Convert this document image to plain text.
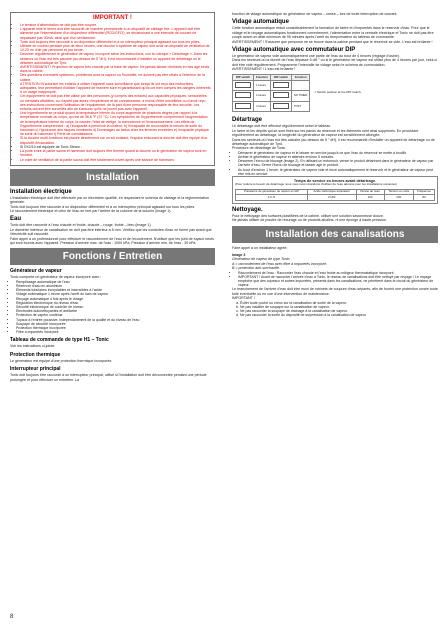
IMPORTANT !
• Le tension d'alimentation ne doit pas être coupée.
• L'appareil relié le terme doit être raccordé de manière permanente à un dispositif de câblage fixe. L'appareil doit être alimenté par l'intermédiaire d'un disjoncteur différentiel (RCD/GFCI), se déclenchant à une intensité de courant ne dépassant pas 30mA, ainsi que d'un sectionneur.
• Tonic doit toujours être raccordé à un disjoncteur différentiel et à un interrupteur principal agissant sur tous les pôles.
• Utilisée en continu pendant plus de deux heures, une douche à système de vapeur doit avoir un dispositif de ventilation de 10-20 m³ d'air par personne et par heure.
• Dessiner régulièrement le générateur de vapeur incorporé selon les instructions, voir la rubrique « Détartrage ». Dans les secteurs où l'eau est très calcaire (au-dessus de 5 °dH), il est recommandé d'installer un appareil de détartrage ou le détartrer automatique de Tyrö.
• AVERTISSEMENT ! Projection de vapeur très chaude par la base de vapeur. Ne jamais laisser d'enfants en bas âge seuls dans la cabine.
• Des questions éventuels systèmes, problèmes avec la vapeur ou l'humidité, ne doivent pas être situés à l'intérieur de la cabine.
• ATTENTION !N'autoriser les enfants à utiliser l'appareil sans surveillance que lorsqu'ils ont reçu des instructions adéquates, leur permettant d'utiliser l'appareil de manière sûre et garantissant qu'ils ont bien compris les dangers inhérents à un usage inapproprié.
• Cet équipement ne doit pas être utilisé par des personnes (y compris des enfants) aux capacités physiques, sensorielles ou mentales affaiblies, ou n'ayant pas assez d'expérience et de connaissance, à moins d'être surveillées ou d'avoir reçu des instructions concernant l'utilisation de l'équipement, de la part d'une personne responsable de leur sécurité. Les enfants doivent être surveillés afin de s'assurer qu'ils ne jouent pas avec l'appareil.
• Une hyperthermie se produit quand la température interne du corps augmente de plusieurs degrés par rapport à la température normale du corps, qui est de 36,6 °F (37 °C). Les symptômes de l'hyperthermie comprennent l'augmentation de la température interne du corps, la nausée, l'état de vertige, la somnolence et l'évanouissement. Les effets de l'hyperthermie comprennent : a) l'incapacité à percevoir la chaleur; b) l'incapacité de reconnaître le besoin de sortir du hammam c) l'ignorance des risques imminents d) Dommages au fœtus chez les femmes enceintes e) Incapacité physique de sortir du hammam f) Perte de connaissance.
• Si la douche multi-fonctions est placée directement sur un sol existant, l'espace entourant la douche doit être équipé d'un dispositif d'évacuation.
• Si l'IX2/10 est équipée de Tonic Steam :
• La porte entre la partie sauna et hammam doit toujours être fermée quand la douche ou le générateur de vapeur sont en fonction.
• Le volet de ventilation de la partie sauna doit être totalement ouvert après une séance de hammam.
Installation
Installation électrique

L'installation électrique doit être effectuée par un électricien qualifié, en respectant le schéma de câblage et la réglementation générale.

Tonic doit toujours être raccordé à un disjoncteur différentiel et à un interrupteur principal agissant sur tous les pôles.

Le raccordement électrique et celui de l'eau se font par l'arrière de la colonne de la douche (image 1).

Eau

Tonic doit être raccordé à l'eau chaude et froide, chaude – rouge, froide – bleu (image 1).

Le diamètre intérieur de canalisation ne doit pas être inférieur à 8 mm. Vérifiez que les conduites d'eau ne fuient pas avant que l'électricité soit raccordé.

Faire appel à un professionnel pour effectuer le raccordement de l'eau et de l'écoulement. N'utiliser que les joint de tuyaux neufs qui sont fournis avec l'appareil. Pression d'arrivée max. de l'eau : 1000 kPa. Pression d'arrivée min. de l'eau : 30 kPa.

Fonctions / Entretien
Générateur de vapeur

Tonic comporte un générateur de vapeur incorporé avec :

• Remplissage automatique de l'eau
• Réservoir d'eau en aluminium
• Éléments tubulaires inoxydables et insensibles à l'acide
• Vidage automatique 1 heure après l'arrêt du bain de vapeur
• Rinçage automatique 4 fois après le vidage
• Régulation électronique du niveau d'eau
• Sécurité électronique de contrôle de niveau
• Électrodes autonettoyantes et antitartre
• Protection de vapeur continue
• Tuyaux à l'entrée poussive, indépendamment de la qualité et du niveau de l'eau
• Soupape de sécurité incorporée
• Protection thermique incorporée
• Filtre à impuretés incorporé
Tableau de commande de type H1 – Tonic

Voir les instructions ci-jointe.

Protection thermique

Le générateur est équipé d'une protection thermique incorporée.

Interrupteur principal

Tonic doit toujours être raccordé à un interrupteur principal, utilisé si l'installation doit être déconnectée pendant une période prolongée et pour effectuer un entretien. La

fonction de vidage automatique du générateur de vapeur – cesse – lors de toute interruption de courant.

Vidage automatique

Cette fonction automatique réduit considérablement la formation de tartre et d'impuretés dans le réservoir d'eau. Pour que le vidage et le rinçage automatiques fonctionnent correctement, l'alimentation entre la centrale électrique et Tonic ne doit pas être coupé avant un délai minimum de 95 minutes après l'arrêt du temporisateur du tableau de commande.

AVERTISSEMENT ! S'assurer que personne ne se trouve dans la cabine pendant que le réservoir se vide. L'eau est brûlante !

Vidage automatique avec commutateur DIP

Le générateur de vapeur vide automatiquement une partie de l'eau au bout de 4 heures (réglage d'usine).

Dans les secteurs où la dureté de l'eau dépasse 5 dH ° ou si le générateur de vapeur est utilisé plus de 4 heures par jour, celui-ci doit être vidé régulièrement. Programmer l'intervalle de vidage selon le schéma de commutation.

AVERTISSEMENT ! L'eau est brûlante !

DIP switch	Fonction	DIP switch	Fonction
	1 Heure		
	2 Heure		NO TIMER
	4 Heure		TOST
= Switch position at the DIP-switch.
Détartrage

Le détartrage doit être effectué régulièrement selon le tableau.

Le tartre et les dépôts qui se sont fixés sur les parois du réservoir et les éléments sont ainsi supprimés. En procédant régulièrement au détartrage, la longévité du générateur de vapeur est sensiblement allongée.

Dans les secteurs où l'eau est très calcaire (au-dessus de 5 ° dH), il est recommandé d'installer un appareil de détartrage ou de détartrage automatique de Tyrö.

Procédure de détartrage de Tonic

• Démarrer le générateur de vapeur et le laisser en service jusqu'à ce que l'eau du réservoir se mette à bouillir.
• Arrêter le générateur de vapeur et attendre environ 5 minutes.
• Desserrer l'écrou de blocage (image 2). En utilisant un entonnoir, verser le produit détartrant dans le générateur de vapeur par l'arrivée d'eau. Serrer l'écrou de blocage et laisser agir le produit.
• Au bout d'environ 1 heure, le générateur de vapeur vide et rince automatiquement le réservoir et le générateur de vapeur peut être mis en service.
Temps de service en heures avant détartrage.
(Pour réduire le besoin de détartrage nous vous recommandons d'utiliser de l'eau adoucie pour les installations suivantes)
Puissance du générateur de vapeur en kW	Acide carbonique équivalent	Dureté de l'eau	Tension en volts	Fréquence
2,0 /3	2 kPa	100	200	80
Nettoyage.

Pour le nettoyage des surfaces plastifiées de la cabine, utiliser une solution savonneuse douce.

Ne jamais utiliser de poudre de récurage ou de produits alcalins, ni une éponge à haute pression.

Installation des canalisations

Faire appel à un installateur agréé.

Image 3

Générateur de vapeur de type Tonic.

A = raccordement de l'eau avec filtre à impuretés incorporé.

B = protection anti-surchauffe.

• Raccordement de l'eau : Raccorder l'eau chaude et l'eau froide au mitigeur thermostatique incorporé.
• IMPORTANT ! Avant de raccorder l'arrivée d'eau à Tonic, le réseau de canalisations doit être nettoyé par rinçage ! Le rinçage empêche que des copeaux et autres impuretés, présents dans les canalisations, ne pénètrent dans le circuit du générateur de vapeur.

Le branchement de l'arrivée d'eau doit être muni de robinets de coupure d'eau séparés, afin de fournir une protection contre toute fuite éventuelle ou en vue d'une intervention de maintenance.

IMPORTANT !

a. Éviter toute poche ou creux sur la canalisation de sortie de la vapeur.
b. Ne pas installer de soupape sur la canalisation de vapeur.
c. Ne pas raccorder la soupape de drainage à la canalisation de vapeur.
d. Ne pas raccorder la sortie du dispositif de surpression à la canalisation de vapeur
8
